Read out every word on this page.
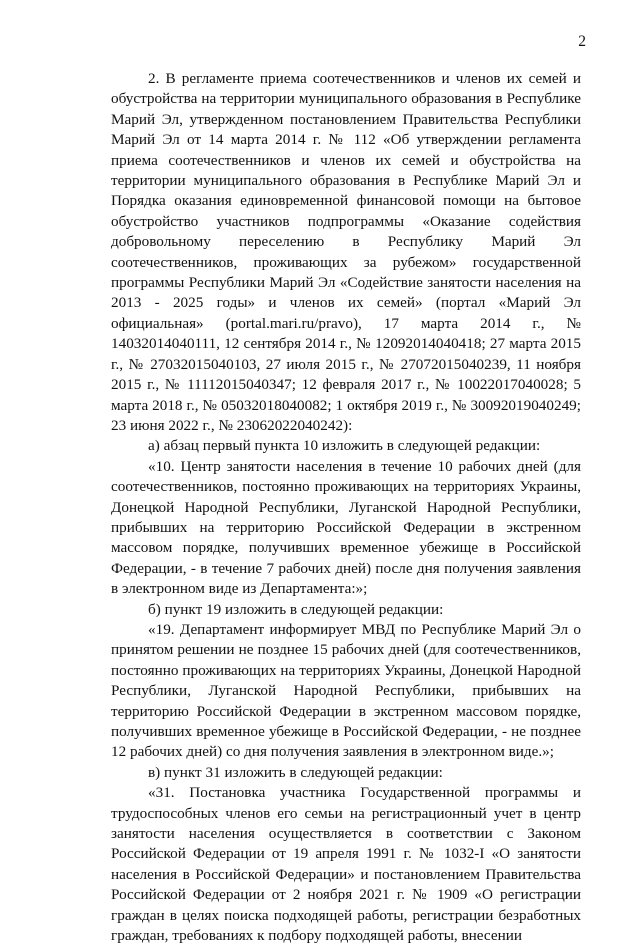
2

2. В регламенте приема соотечественников и членов их семей и обустройства на территории муниципального образования в Республике Марий Эл, утвержденном постановлением Правительства Республики Марий Эл от 14 марта 2014 г. № 112 «Об утверждении регламента приема соотечественников и членов их семей и обустройства на территории муниципального образования в Республике Марий Эл и Порядка оказания единовременной финансовой помощи на бытовое обустройство участников подпрограммы «Оказание содействия добровольному переселению в Республику Марий Эл соотечественников, проживающих за рубежом» государственной программы Республики Марий Эл «Содействие занятости населения на 2013 - 2025 годы» и членов их семей» (портал «Марий Эл официальная» (portal.mari.ru/pravo), 17 марта 2014 г., № 14032014040111, 12 сентября 2014 г., № 12092014040418; 27 марта 2015 г., № 27032015040103, 27 июля 2015 г., № 27072015040239, 11 ноября 2015 г., № 11112015040347; 12 февраля 2017 г., № 10022017040028; 5 марта 2018 г., № 05032018040082; 1 октября 2019 г., № 30092019040249; 23 июня 2022 г., № 23062022040242):

а) абзац первый пункта 10 изложить в следующей редакции:

«10. Центр занятости населения в течение 10 рабочих дней (для соотечественников, постоянно проживающих на территориях Украины, Донецкой Народной Республики, Луганской Народной Республики, прибывших на территорию Российской Федерации в экстренном массовом порядке, получивших временное убежище в Российской Федерации, - в течение 7 рабочих дней) после дня получения заявления в электронном виде из Департамента:»;

б) пункт 19 изложить в следующей редакции:

«19. Департамент информирует МВД по Республике Марий Эл о принятом решении не позднее 15 рабочих дней (для соотечественников, постоянно проживающих на территориях Украины, Донецкой Народной Республики, Луганской Народной Республики, прибывших на территорию Российской Федерации в экстренном массовом порядке, получивших временное убежище в Российской Федерации, - не позднее 12 рабочих дней) со дня получения заявления в электронном виде.»;

в) пункт 31 изложить в следующей редакции:

«31. Постановка участника Государственной программы и трудоспособных членов его семьи на регистрационный учет в центр занятости населения осуществляется в соответствии с Законом Российской Федерации от 19 апреля 1991 г. № 1032-I «О занятости населения в Российской Федерации» и постановлением Правительства Российской Федерации от 2 ноября 2021 г. № 1909 «О регистрации граждан в целях поиска подходящей работы, регистрации безработных граждан, требованиях к подбору подходящей работы, внесении
